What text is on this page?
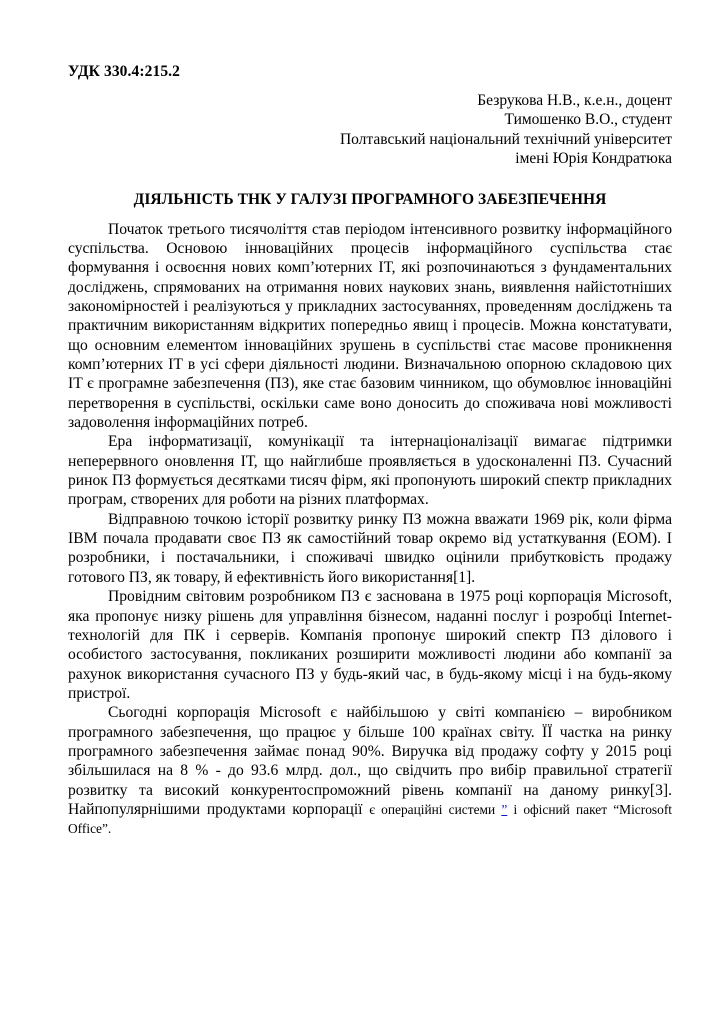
УДК 330.4:215.2
Безрукова Н.В., к.е.н., доцент
Тимошенко В.О., студент
Полтавський національний технічний університет
імені Юрія Кондратюка
ДІЯЛЬНІСТЬ ТНК У ГАЛУЗІ ПРОГРАМНОГО ЗАБЕЗПЕЧЕННЯ

Початок третього тисячоліття став періодом інтенсивного розвитку інформаційного суспільства. Основою інноваційних процесів інформаційного суспільства стає формування і освоєння нових комп’ютерних ІТ, які розпочинаються з фундаментальних досліджень, спрямованих на отримання нових наукових знань, виявлення найістотніших закономірностей і реалізуються у прикладних застосуваннях, проведенням досліджень та практичним використанням відкритих попередньо явищ і процесів. Можна констатувати, що основним елементом інноваційних зрушень в суспільстві стає масове проникнення комп’ютерних ІТ в усі сфери діяльності людини. Визначальною опорною складовою цих ІТ є програмне забезпечення (ПЗ), яке стає базовим чинником, що обумовлює інноваційні перетворення в суспільстві, оскільки саме воно доносить до споживача нові можливості задоволення інформаційних потреб.

Ера інформатизації, комунікації та інтернаціоналізації вимагає підтримки неперервного оновлення ІТ, що найглибше проявляється в удосконаленні ПЗ. Сучасний ринок ПЗ формується десятками тисяч фірм, які пропонують широкий спектр прикладних програм, створених для роботи на різних платформах.

Відправною точкою історії розвитку ринку ПЗ можна вважати 1969 рік, коли фірма IBM почала продавати своє ПЗ як самостійний товар окремо від устаткування (ЕОМ). І розробники, і постачальники, і споживачі швидко оцінили прибутковість продажу готового ПЗ, як товару, й ефективність його використання[1].

Провідним світовим розробником ПЗ є заснована в 1975 році корпорація Microsoft, яка пропонує низку рішень для управління бізнесом, наданні послуг і розробці Internet-технологій для ПК і серверів. Компанія пропонує широкий спектр ПЗ ділового і особистого застосування, покликаних розширити можливості людини або компанії за рахунок використання сучасного ПЗ у будь-який час, в будь-якому місці і на будь-якому пристрої.

Сьогодні корпорація Microsoft є найбільшою у світі компанією – виробником програмного забезпечення, що працює у більше 100 країнах світу. ЇЇ частка на ринку програмного забезпечення займає понад 90%. Виручка від продажу софту у 2015 році збільшилася на 8 % - до 93.6 млрд. дол., що свідчить про вибір правильної стратегії розвитку та високий конкурентоспроможний рівень компанії на даному ринку[3]. Найпопулярнішими продуктами корпорації є операційні системи ” і офісний пакет “Microsoft Office”.
